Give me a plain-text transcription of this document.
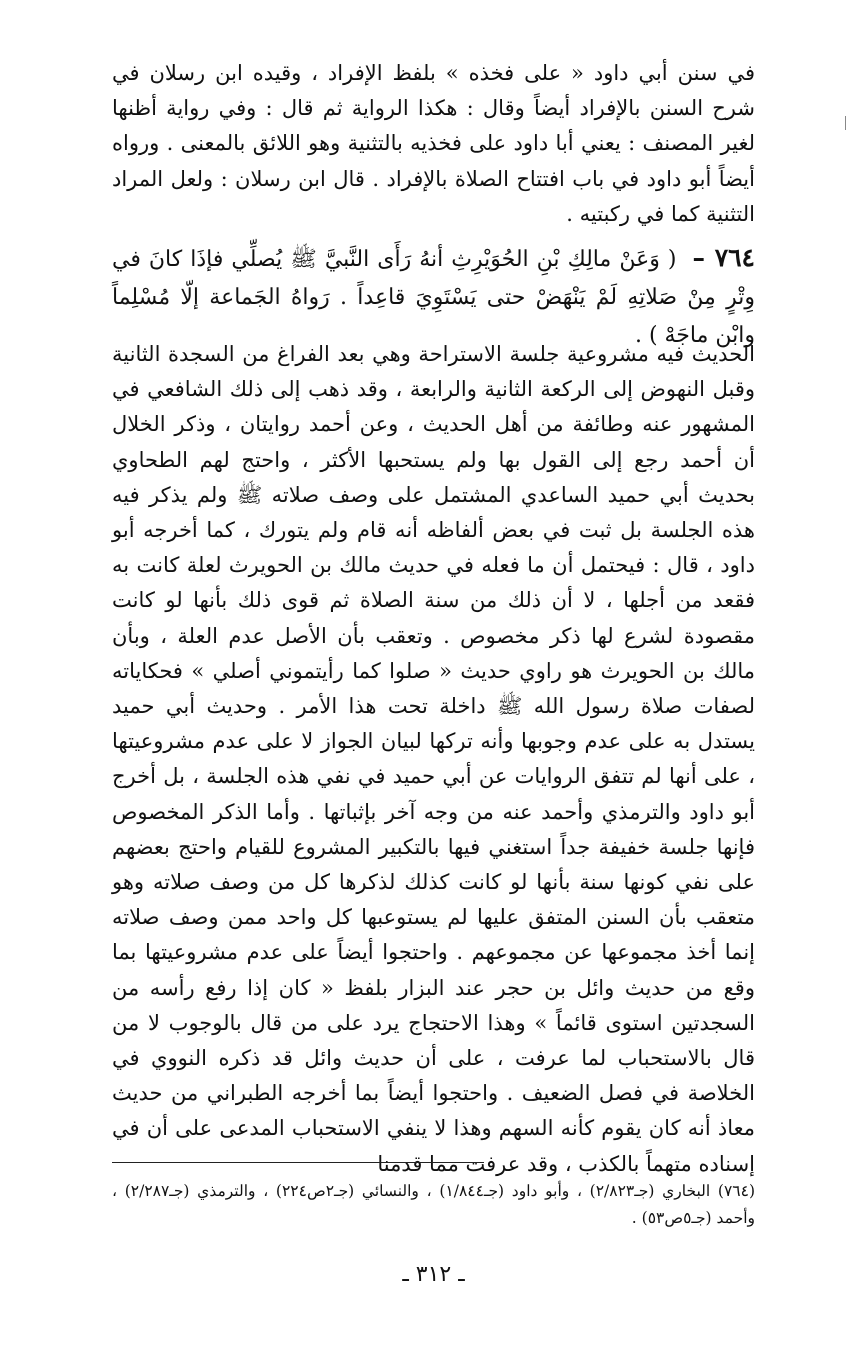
في سنن أبي داود « على فخذه » بلفظ الإفراد ، وقيده ابن رسلان في شرح السنن بالإفراد أيضاً وقال : هكذا الرواية ثم قال : وفي رواية أظنها لغير المصنف : يعني أبا داود على فخذيه بالتثنية وهو اللائق بالمعنى . ورواه أيضاً أبو داود في باب افتتاح الصلاة بالإفراد . قال ابن رسلان : ولعل المراد التثنية كما في ركبتيه .
٧٦٤ – ( وَعَنْ مالِكِ بْنِ الحُوَيْرِثِ أنهُ رَأَى النَّبيَّ ﷺ يُصلِّي فإذَا كانَ في وِتْرٍ مِنْ صَلاتِهِ لَمْ يَنْهَضْ حتى يَسْتَوِيَ قاعِداً . رَواهُ الجَماعة إلّا مُسْلِماً وابْن ماجَهْ ) .
الحديث فيه مشروعية جلسة الاستراحة وهي بعد الفراغ من السجدة الثانية وقبل النهوض إلى الركعة الثانية والرابعة ، وقد ذهب إلى ذلك الشافعي في المشهور عنه وطائفة من أهل الحديث ، وعن أحمد روايتان ، وذكر الخلال أن أحمد رجع إلى القول بها ولم يستحبها الأكثر ، واحتج لهم الطحاوي بحديث أبي حميد الساعدي المشتمل على وصف صلاته ﷺ ولم يذكر فيه هذه الجلسة بل ثبت في بعض ألفاظه أنه قام ولم يتورك ، كما أخرجه أبو داود ، قال : فيحتمل أن ما فعله في حديث مالك بن الحويرث لعلة كانت به فقعد من أجلها ، لا أن ذلك من سنة الصلاة ثم قوى ذلك بأنها لو كانت مقصودة لشرع لها ذكر مخصوص . وتعقب بأن الأصل عدم العلة ، وبأن مالك بن الحويرث هو راوي حديث « صلوا كما رأيتموني أصلي » فحكاياته لصفات صلاة رسول الله ﷺ داخلة تحت هذا الأمر . وحديث أبي حميد يستدل به على عدم وجوبها وأنه تركها لبيان الجواز لا على عدم مشروعيتها ، على أنها لم تتفق الروايات عن أبي حميد في نفي هذه الجلسة ، بل أخرج أبو داود والترمذي وأحمد عنه من وجه آخر بإثباتها . وأما الذكر المخصوص فإنها جلسة خفيفة جداً استغني فيها بالتكبير المشروع للقيام واحتج بعضهم على نفي كونها سنة بأنها لو كانت كذلك لذكرها كل من وصف صلاته وهو متعقب بأن السنن المتفق عليها لم يستوعبها كل واحد ممن وصف صلاته إنما أخذ مجموعها عن مجموعهم . واحتجوا أيضاً على عدم مشروعيتها بما وقع من حديث وائل بن حجر عند البزار بلفظ « كان إذا رفع رأسه من السجدتين استوى قائماً » وهذا الاحتجاج يرد على من قال بالوجوب لا من قال بالاستحباب لما عرفت ، على أن حديث وائل قد ذكره النووي في الخلاصة في فصل الضعيف . واحتجوا أيضاً بما أخرجه الطبراني من حديث معاذ أنه كان يقوم كأنه السهم وهذا لا ينفي الاستحباب المدعى على أن في إسناده متهماً بالكذب ، وقد عرفت مما قدمنا
(٧٦٤) البخاري (جـ٢/٨٢٣) ، وأبو داود (جـ١/٨٤٤) ، والنسائي (جـ٢ص٢٢٤) ، والترمذي (جـ٢/٢٨٧) ، وأحمد (جـ٥ص٥٣) .
ـ ٣١٢ ـ
